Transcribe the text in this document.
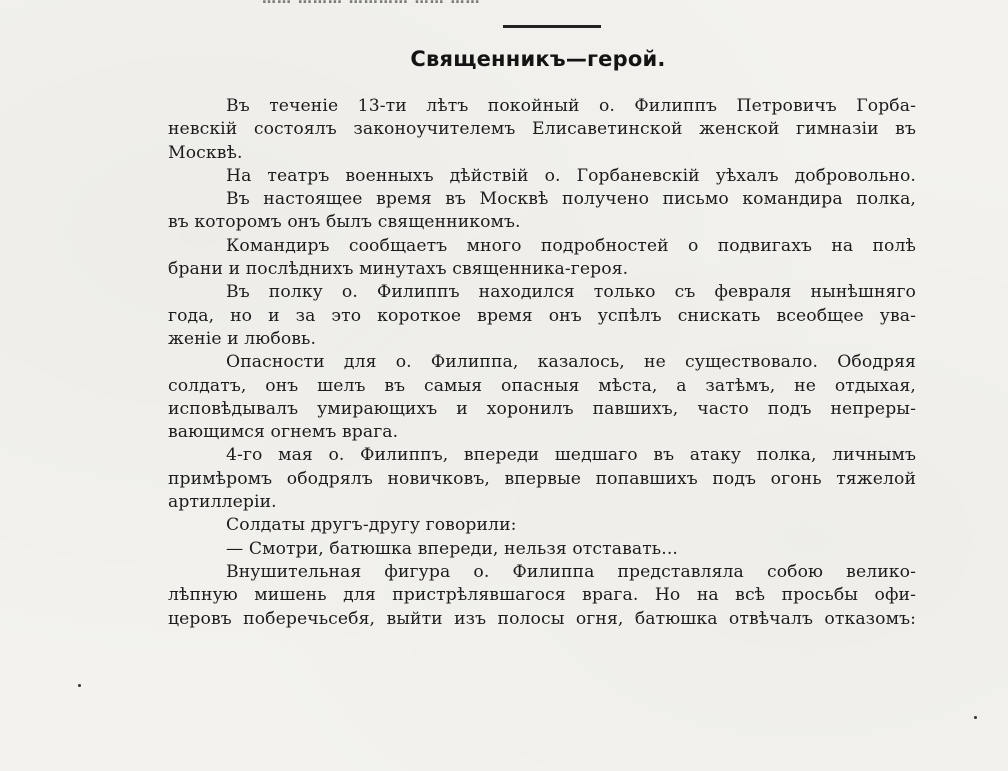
Священникъ—герой.
Въ теченіе 13-ти лѣтъ покойный о. Филиппъ Петровичъ Горба-
невскій состоялъ законоучителемъ Елисаветинской женской гимназіи въ
Москвѣ.
На театръ военныхъ дѣйствій о. Горбаневскій уѣхалъ добровольно.
Въ настоящее время въ Москвѣ получено письмо командира полка,
въ которомъ онъ былъ священникомъ.
Командиръ сообщаетъ много подробностей о подвигахъ на полѣ
брани и послѣднихъ минутахъ священника-героя.
Въ полку о. Филиппъ находился только съ февраля нынѣшняго
года, но и за это короткое время онъ успѣлъ снискать всеобщее ува-
женіе и любовь.
Опасности для о. Филиппа, казалось, не существовало. Ободряя
солдатъ, онъ шелъ въ самыя опасныя мѣста, а затѣмъ, не отдыхая,
исповѣдывалъ умирающихъ и хоронилъ павшихъ, часто подъ непреры-
вающимся огнемъ врага.
4-го мая о. Филиппъ, впереди шедшаго въ атаку полка, личнымъ
примѣромъ ободрялъ новичковъ, впервые попавшихъ подъ огонь тяжелой
артиллеріи.
Солдаты другъ-другу говорили:
— Смотри, батюшка впереди, нельзя отставать...
Внушительная фигура о. Филиппа представляла собою велико-
лѣпную мишень для пристрѣлявшагося врага. Но на всѣ просьбы офи-
церовъ поберечьсебя, выйти изъ полосы огня, батюшка отвѣчалъ отказомъ:
